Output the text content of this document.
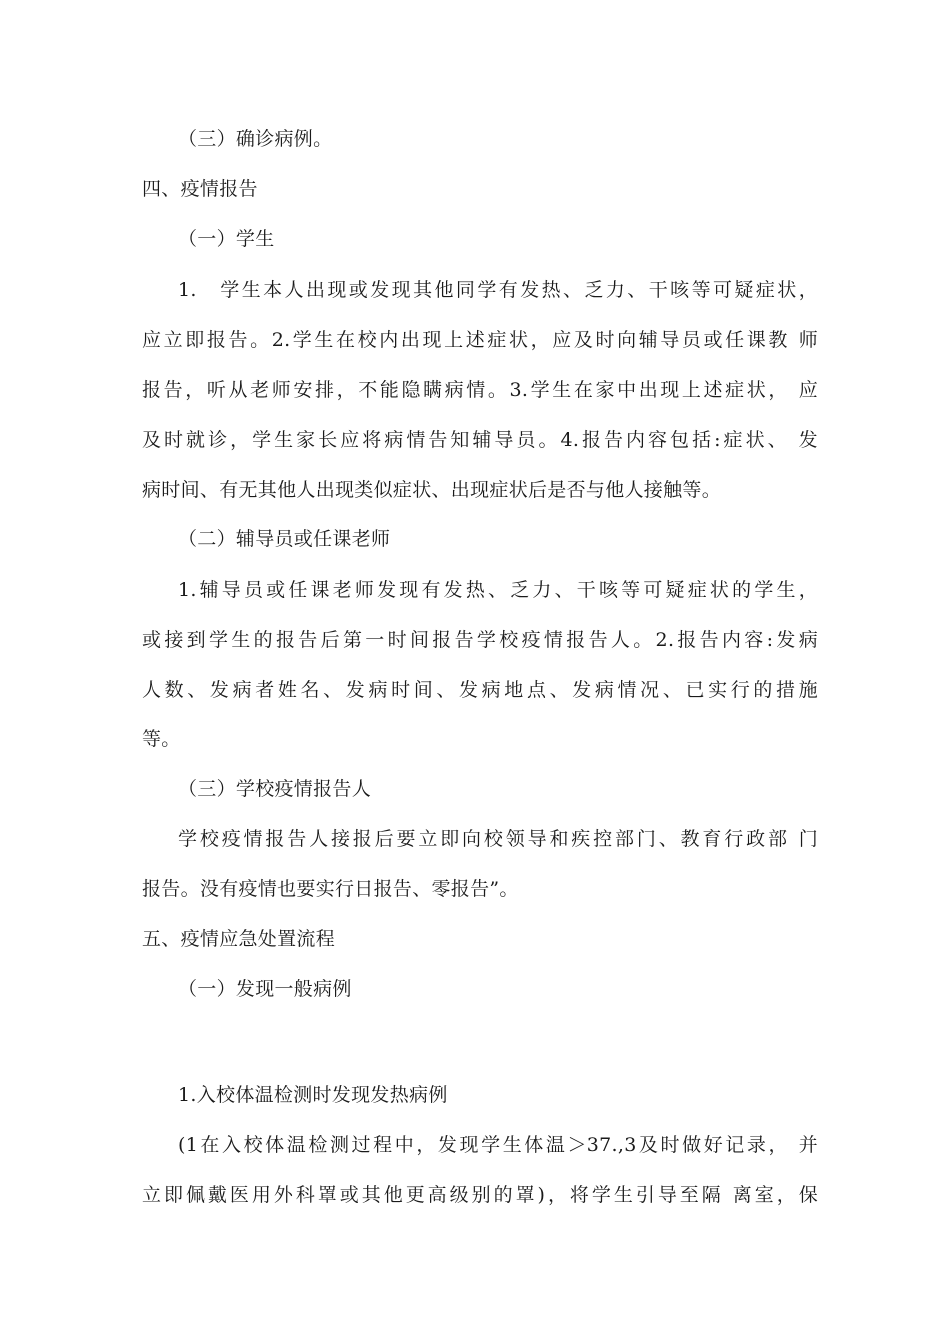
（三）确诊病例。
四、疫情报告
（一）学生
1.　学生本人出现或发现其他同学有发热、乏力、干咳等可疑症状，
应立即报告。2.学生在校内出现上述症状，应及时向辅导员或任课教 师
报告，听从老师安排，不能隐瞒病情。3.学生在家中出现上述症状， 应
及时就诊，学生家长应将病情告知辅导员。4.报告内容包括:症状、 发
病时间、有无其他人出现类似症状、出现症状后是否与他人接触等。
（二）辅导员或任课老师
1.辅导员或任课老师发现有发热、乏力、干咳等可疑症状的学生，
或接到学生的报告后第一时间报告学校疫情报告人。2.报告内容:发病
人数、发病者姓名、发病时间、发病地点、发病情况、已实行的措施
等。
（三）学校疫情报告人
学校疫情报告人接报后要立即向校领导和疾控部门、教育行政部 门
报告。没有疫情也要实行日报告、零报告”。
五、疫情应急处置流程
（一）发现一般病例
1.入校体温检测时发现发热病例
(1在入校体温检测过程中，发现学生体温＞37.,3及时做好记录， 并
立即佩戴医用外科罩或其他更高级别的罩)，将学生引导至隔 离室，保
